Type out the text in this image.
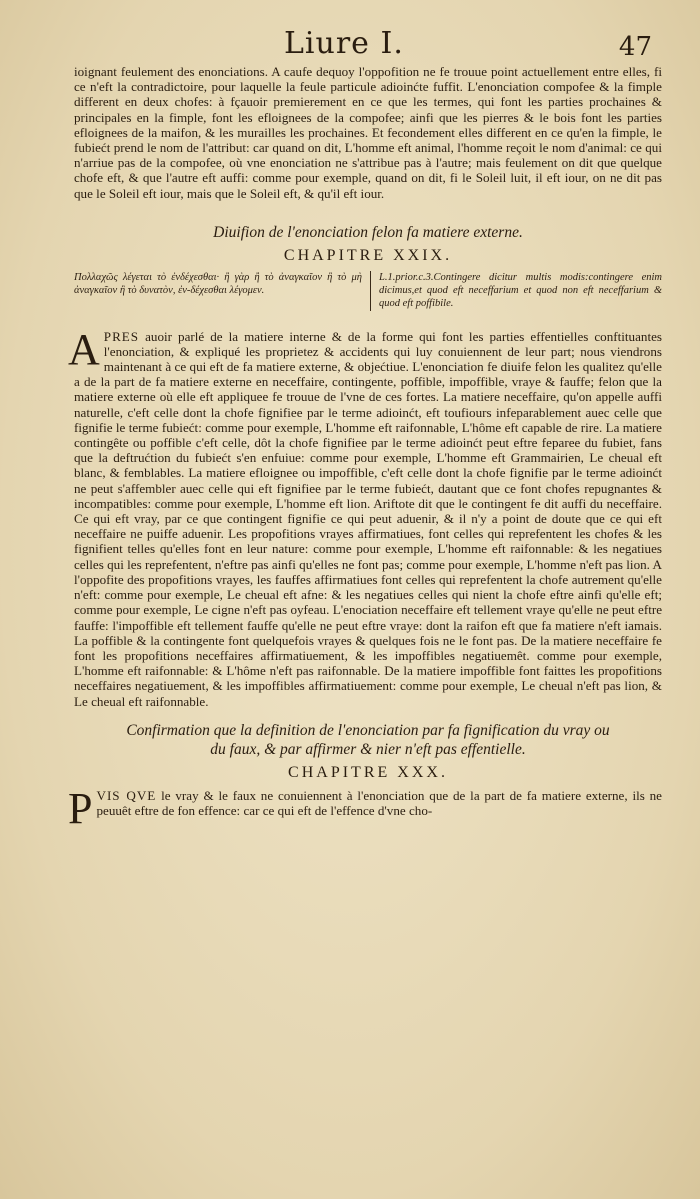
Liure I.	47

ioignant feulement des enonciations. A caufe dequoy l'oppofition ne fe trouue point actuellement entre elles, fi ce n'eft la contradictoire, pour laquelle la feule particule adioinćte fuffit. L'enonciation compofee & la fimple different en deux chofes: à fçauoir premierement en ce que les termes, qui font les parties prochaines & principales en la fimple, font les efloignees de la compofee; ainfi que les pierres & le bois font les parties efloignees de la maifon, & les murailles les prochaines. Et fecondement elles different en ce qu'en la fimple, le fubiećt prend le nom de l'attribut: car quand on dit, L'homme eft animal, l'homme reçoit le nom d'animal: ce qui n'arriue pas de la compofee, où vne enonciation ne s'attribue pas à l'autre; mais feulement on dit que quelque chofe eft, & que l'autre eft auffi: comme pour exemple, quand on dit, fi le Soleil luit, il eft iour, on ne dit pas que le Soleil eft iour, mais que le Soleil eft, & qu'il eft iour.

Diuifion de l'enonciation felon fa matiere externe.

CHAPITRE XXIX.
Πολλαχῶς λέγεται τὸ ἐνδέχεσθαι· ἢ γὰρ ἢ τὸ ἀναγκαῖον ἢ τὸ μὴ ἀναγκαῖον ἢ τὸ δυνατὸν, ἐν-δέχεσθαι λέγομεν.
L.1.prior.c.3.Contingere dicitur multis modis:contingere enim dicimus,et quod eft neceffarium et quod non eft neceffarium & quod eft poffibile.

APRES auoir parlé de la matiere interne & de la forme qui font les parties effentielles conftituantes l'enonciation, & expliqué les proprietez & accidents qui luy conuiennent de leur part; nous viendrons maintenant à ce qui eft de fa matiere externe, & objećtiue. L'enonciation fe diuife felon les qualitez qu'elle a de la part de fa matiere externe en neceffaire, contingente, poffible, impoffible, vraye & fauffe; felon que la matiere externe où elle eft appliquee fe trouue de l'vne de ces fortes. La matiere neceffaire, qu'on appelle auffi naturelle, c'eft celle dont la chofe fignifiee par le terme adioinćt, eft toufiours infeparablement auec celle que fignifie le terme fubiećt: comme pour exemple, L'homme eft raifonnable, L'hôme eft capable de rire. La matiere contingête ou poffible c'eft celle, dôt la chofe fignifiee par le terme adioinćt peut eftre feparee du fubiet, fans que la deftrućtion du fubiećt s'en enfuiue: comme pour exemple, L'homme eft Grammairien, Le cheual eft blanc, & femblables. La matiere efloignee ou impoffible, c'eft celle dont la chofe fignifie par le terme adioinćt ne peut s'affembler auec celle qui eft fignifiee par le terme fubiećt, dautant que ce font chofes repugnantes & incompatibles: comme pour exemple, L'homme eft lion. Ariftote dit que le contingent fe dit auffi du neceffaire. Ce qui eft vray, par ce que contingent fignifie ce qui peut aduenir, & il n'y a point de doute que ce qui eft neceffaire ne puiffe aduenir. Les propofitions vrayes affirmatiues, font celles qui reprefentent les chofes & les fignifient telles qu'elles font en leur nature: comme pour exemple, L'homme eft raifonnable: & les negatiues celles qui les reprefentent, n'eftre pas ainfi qu'elles ne font pas; comme pour exemple, L'homme n'eft pas lion. A l'oppofite des propofitions vrayes, les fauffes affirmatiues font celles qui reprefentent la chofe autrement qu'elle n'eft: comme pour exemple, Le cheual eft afne: & les negatiues celles qui nient la chofe eftre ainfi qu'elle eft; comme pour exemple, Le cigne n'eft pas oyfeau. L'enociation neceffaire eft tellement vraye qu'elle ne peut eftre fauffe: l'impoffible eft tellement fauffe qu'elle ne peut eftre vraye: dont la raifon eft que fa matiere n'eft iamais. La poffible & la contingente font quelquefois vrayes & quelques fois ne le font pas. De la matiere neceffaire fe font les propofitions neceffaires affirmatiuement, & les impoffibles negatiuemêt. comme pour exemple, L'homme eft raifonnable: & L'hôme n'eft pas raifonnable. De la matiere impoffible font faittes les propofitions neceffaires negatiuement, & les impoffibles affirmatiuement: comme pour exemple, Le cheual n'eft pas lion, & Le cheual eft raifonnable.

Confirmation que la definition de l'enonciation par fa fignification du vray ou

du faux, & par affirmer & nier n'eft pas effentielle.

CHAPITRE XXX.

PVIS QVE le vray & le faux ne conuiennent à l'enonciation que de la part de fa matiere externe, ils ne peuuêt eftre de fon effence: car ce qui eft de l'effence d'vne cho-
